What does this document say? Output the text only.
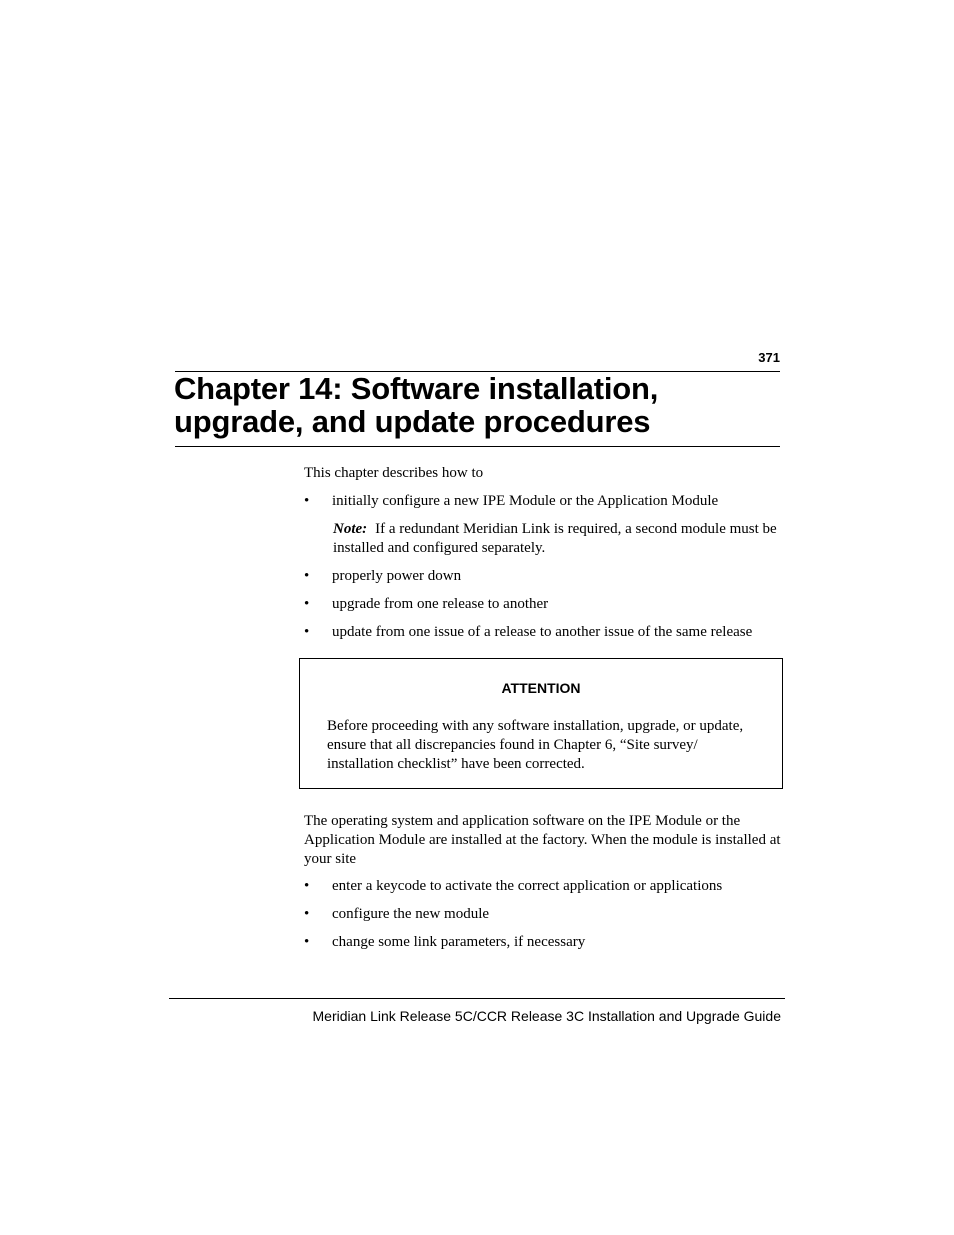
371
Chapter 14: Software installation,
upgrade, and update procedures

This chapter describes how to

• initially configure a new IPE Module or the Application Module
Note: If a redundant Meridian Link is required, a second module must be installed and configured separately.
• properly power down
• upgrade from one release to another
• update from one issue of a release to another issue of the same release
ATTENTION
Before proceeding with any software installation, upgrade, or update, ensure that all discrepancies found in Chapter 6, “Site survey/ installation checklist” have been corrected.

The operating system and application software on the IPE Module or the Application Module are installed at the factory. When the module is installed at your site

• enter a keycode to activate the correct application or applications
• configure the new module
• change some link parameters, if necessary
Meridian Link Release 5C/CCR Release 3C Installation and Upgrade Guide
